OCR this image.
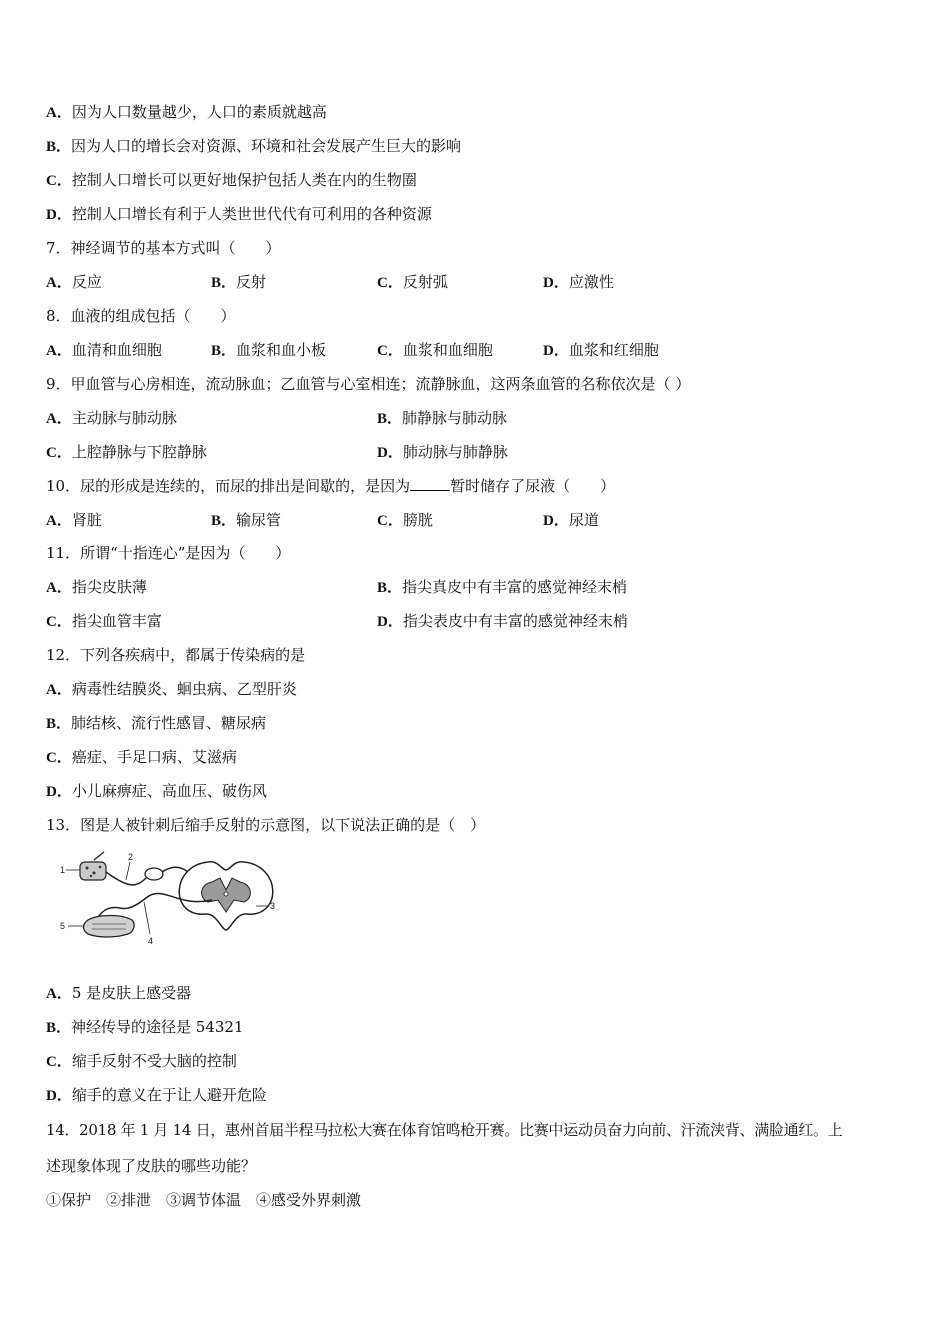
A．因为人口数量越少，人口的素质就越高
B．因为人口的增长会对资源、环境和社会发展产生巨大的影响
C．控制人口增长可以更好地保护包括人类在内的生物圈
D．控制人口增长有利于人类世世代代有可利用的各种资源
7．神经调节的基本方式叫（　　）
A．反应	B．反射	C．反射弧	D．应激性
8．血液的组成包括（　　）
A．血清和血细胞	B．血浆和血小板	C．血浆和血细胞	D．血浆和红细胞
9．甲血管与心房相连，流动脉血；乙血管与心室相连；流静脉血，这两条血管的名称依次是（ ）
A．主动脉与肺动脉	B．肺静脉与肺动脉
C．上腔静脉与下腔静脉	D．肺动脉与肺静脉
10．尿的形成是连续的，而尿的排出是间歇的，是因为	暂时储存了尿液（　　）
A．肾脏	B．输尿管	C．膀胱	D．尿道
11．所谓“十指连心”是因为（　　）
A．指尖皮肤薄	B．指尖真皮中有丰富的感觉神经末梢
C．指尖血管丰富	D．指尖表皮中有丰富的感觉神经末梢
12．下列各疾病中，都属于传染病的是
A．病毒性结膜炎、蛔虫病、乙型肝炎
B．肺结核、流行性感冒、糖尿病
C．癌症、手足口病、艾滋病
D．小儿麻痹症、高血压、破伤风
13．图是人被针刺后缩手反射的示意图，以下说法正确的是（　）
1
2
3
4
5
A．5 是皮肤上感受器
B．神经传导的途径是 54321
C．缩手反射不受大脑的控制
D．缩手的意义在于让人避开危险
14．2018 年 1 月 14 日，惠州首届半程马拉松大赛在体育馆鸣枪开赛。比赛中运动员奋力向前、汗流浃背、满脸通红。上
述现象体现了皮肤的哪些功能？
①保护　②排泄　③调节体温　④感受外界刺激
